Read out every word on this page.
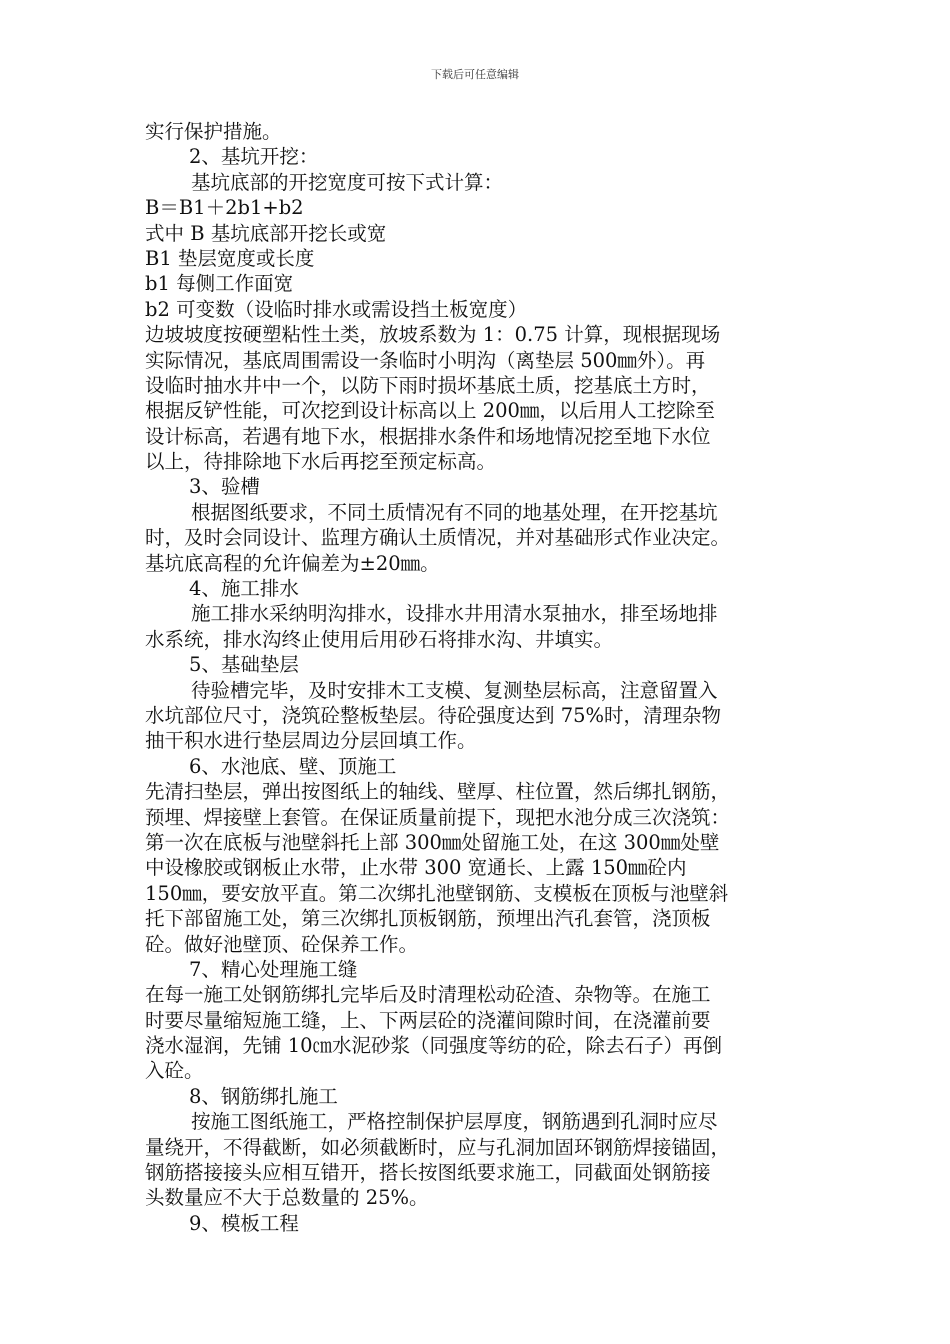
下载后可任意编辑
实行保护措施。
2、基坑开挖：
基坑底部的开挖宽度可按下式计算：
B＝B1＋2b1+b2
式中 B 基坑底部开挖长或宽
B1 垫层宽度或长度
b1 每侧工作面宽
b2 可变数（设临时排水或需设挡土板宽度）
边坡坡度按硬塑粘性土类，放坡系数为 1：0.75 计算，现根据现场
实际情况，基底周围需设一条临时小明沟（离垫层 500㎜外）。再
设临时抽水井中一个，以防下雨时损坏基底土质，挖基底土方时，
根据反铲性能，可次挖到设计标高以上 200㎜，以后用人工挖除至
设计标高，若遇有地下水，根据排水条件和场地情况挖至地下水位
以上，待排除地下水后再挖至预定标高。
3、验槽
根据图纸要求，不同土质情况有不同的地基处理，在开挖基坑
时，及时会同设计、监理方确认土质情况，并对基础形式作业决定。
基坑底高程的允许偏差为±20㎜。
4、施工排水
施工排水采纳明沟排水，设排水井用清水泵抽水，排至场地排
水系统，排水沟终止使用后用砂石将排水沟、井填实。
5、基础垫层
待验槽完毕，及时安排木工支模、复测垫层标高，注意留置入
水坑部位尺寸，浇筑砼整板垫层。待砼强度达到 75%时，清理杂物
抽干积水进行垫层周边分层回填工作。
6、水池底、壁、顶施工
先清扫垫层，弹出按图纸上的轴线、壁厚、柱位置，然后绑扎钢筋，
预埋、焊接壁上套管。在保证质量前提下，现把水池分成三次浇筑：
第一次在底板与池壁斜托上部 300㎜处留施工处，在这 300㎜处壁
中设橡胶或钢板止水带，止水带 300 宽通长、上露 150㎜砼内
150㎜，要安放平直。第二次绑扎池壁钢筋、支模板在顶板与池壁斜
托下部留施工处，第三次绑扎顶板钢筋，预埋出汽孔套管，浇顶板
砼。做好池壁顶、砼保养工作。
7、精心处理施工缝
在每一施工处钢筋绑扎完毕后及时清理松动砼渣、杂物等。在施工
时要尽量缩短施工缝，上、下两层砼的浇灌间隙时间，在浇灌前要
浇水湿润，先铺 10㎝水泥砂浆（同强度等纺的砼，除去石子）再倒
入砼。
8、钢筋绑扎施工
按施工图纸施工，严格控制保护层厚度，钢筋遇到孔洞时应尽
量绕开，不得截断，如必须截断时，应与孔洞加固环钢筋焊接锚固，
钢筋搭接接头应相互错开，搭长按图纸要求施工，同截面处钢筋接
头数量应不大于总数量的 25%。
9、模板工程
